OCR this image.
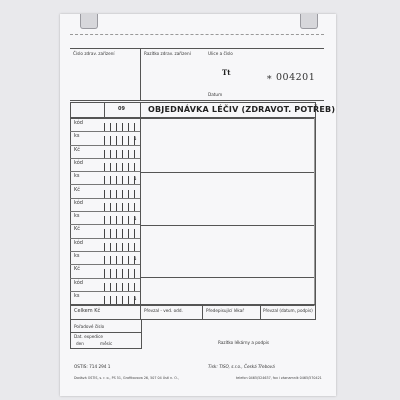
Číslo zdrav. zařízení	Razítko zdrav. zařízení	Ulice a číslo
Tt	∗ 004201
Datum
09	OBJEDNÁVKA LÉČIV (ZDRAVOT. POTŘEB)
kód
ks	↓
Kč
kód
ks	↓
Kč
kód
ks	↓
Kč
kód
ks	↓
Kč
kód
ks	↓
Celkem Kč	Převzal - ved. odd.	Předepisující lékař	Převzal (datum, podpis)
Pořadové číslo
Dat. expedice
den	měsíc	Razítko lékárny a podpis
OSTIS: 714 294 1	Tisk: TISO, s.r.o., Česká Třebová
Dodává OSTIS, s. r. o., PS 51, Grafikovova 26, 507 04 Ústí n. O.,	telefon 0465/524637, fax i záznamník 0465/570421
